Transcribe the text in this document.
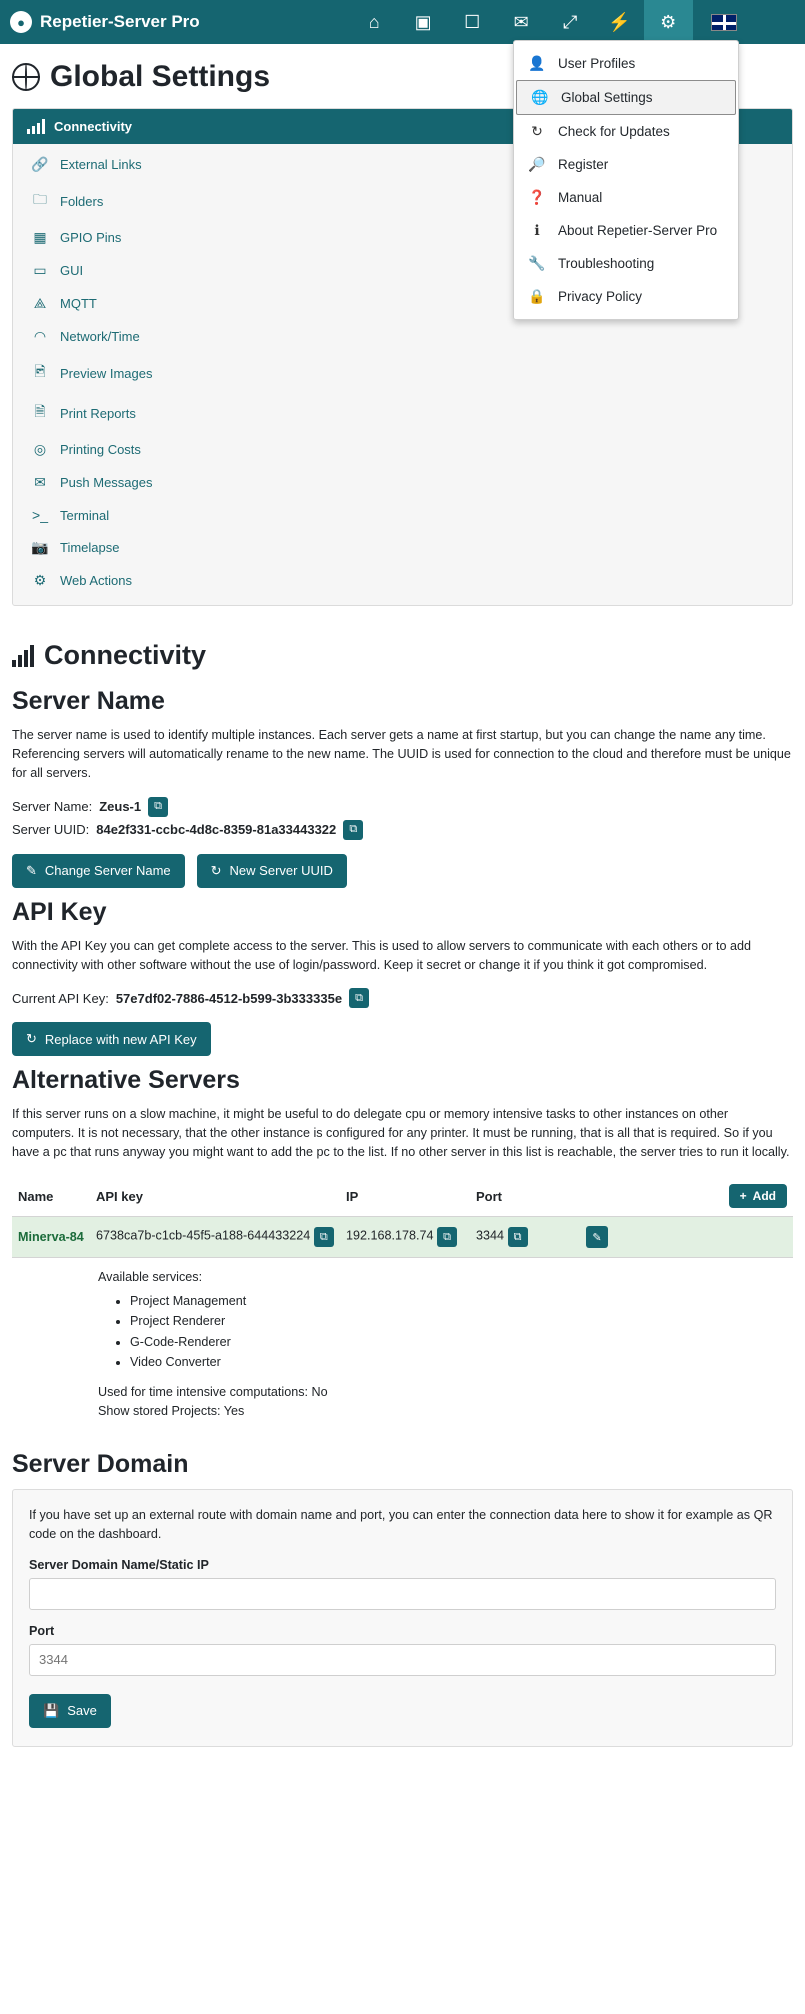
● Repetier-Server Pro	⌂ ▣ ☐ ✉ ⤢ ⚡ ⚙
Global Settings
Connectivity
🔗 External Links
🗀 Folders
▦ GPIO Pins
▭ GUI
⟁ MQTT
◠ Network/Time
🖻 Preview Images
🗎 Print Reports
◎ Printing Costs
✉ Push Messages
>_ Terminal
📷 Timelapse
⚙ Web Actions
👤 User Profiles
🌐 Global Settings
↻ Check for Updates
🔎 Register
❓ Manual
ℹ	About Repetier-Server Pro
🔧 Troubleshooting
🔒 Privacy Policy
Connectivity
Server Name

The server name is used to identify multiple instances. Each server gets a name at first startup, but you can change the name any time. Referencing servers will automatically rename to the new name. The UUID is used for connection to the cloud and therefore must be unique for all servers.

Server Name: Zeus-1	⧉
Server UUID: 84e2f331-ccbc-4d8c-8359-81a33443322	⧉
✎ Change Server Name	↻ New Server UUID
API Key

With the API Key you can get complete access to the server. This is used to allow servers to communicate with each others or to add connectivity with other software without the use of login/password. Keep it secret or change it if you think it got compromised.

Current API Key: 57e7df02-7886-4512-b599-3b333335e	⧉
↻ Replace with new API Key
Alternative Servers

If this server runs on a slow machine, it might be useful to do delegate cpu or memory intensive tasks to other instances on other computers. It is not necessary, that the other instance is configured for any printer. It must be running, that is all that is required. So if you have a pc that runs anyway you might want to add the pc to the list. If no other server in this list is reachable, the server tries to run it locally.

Name	API key	IP	Port	+ Add

Minerva-84	6738ca7b-c1cb-45f5-a188-644433224 ⧉	192.168.178.74 ⧉	3344 ⧉	✎
Available services:
• Project Management
• Project Renderer
• G-Code-Renderer
• Video Converter
Used for time intensive computations: No
Show stored Projects: Yes
Server Domain

If you have set up an external route with domain name and port, you can enter the connection data here to show it for example as QR code on the dashboard.

Server Domain Name/Static IP
Port
3344
💾 Save
